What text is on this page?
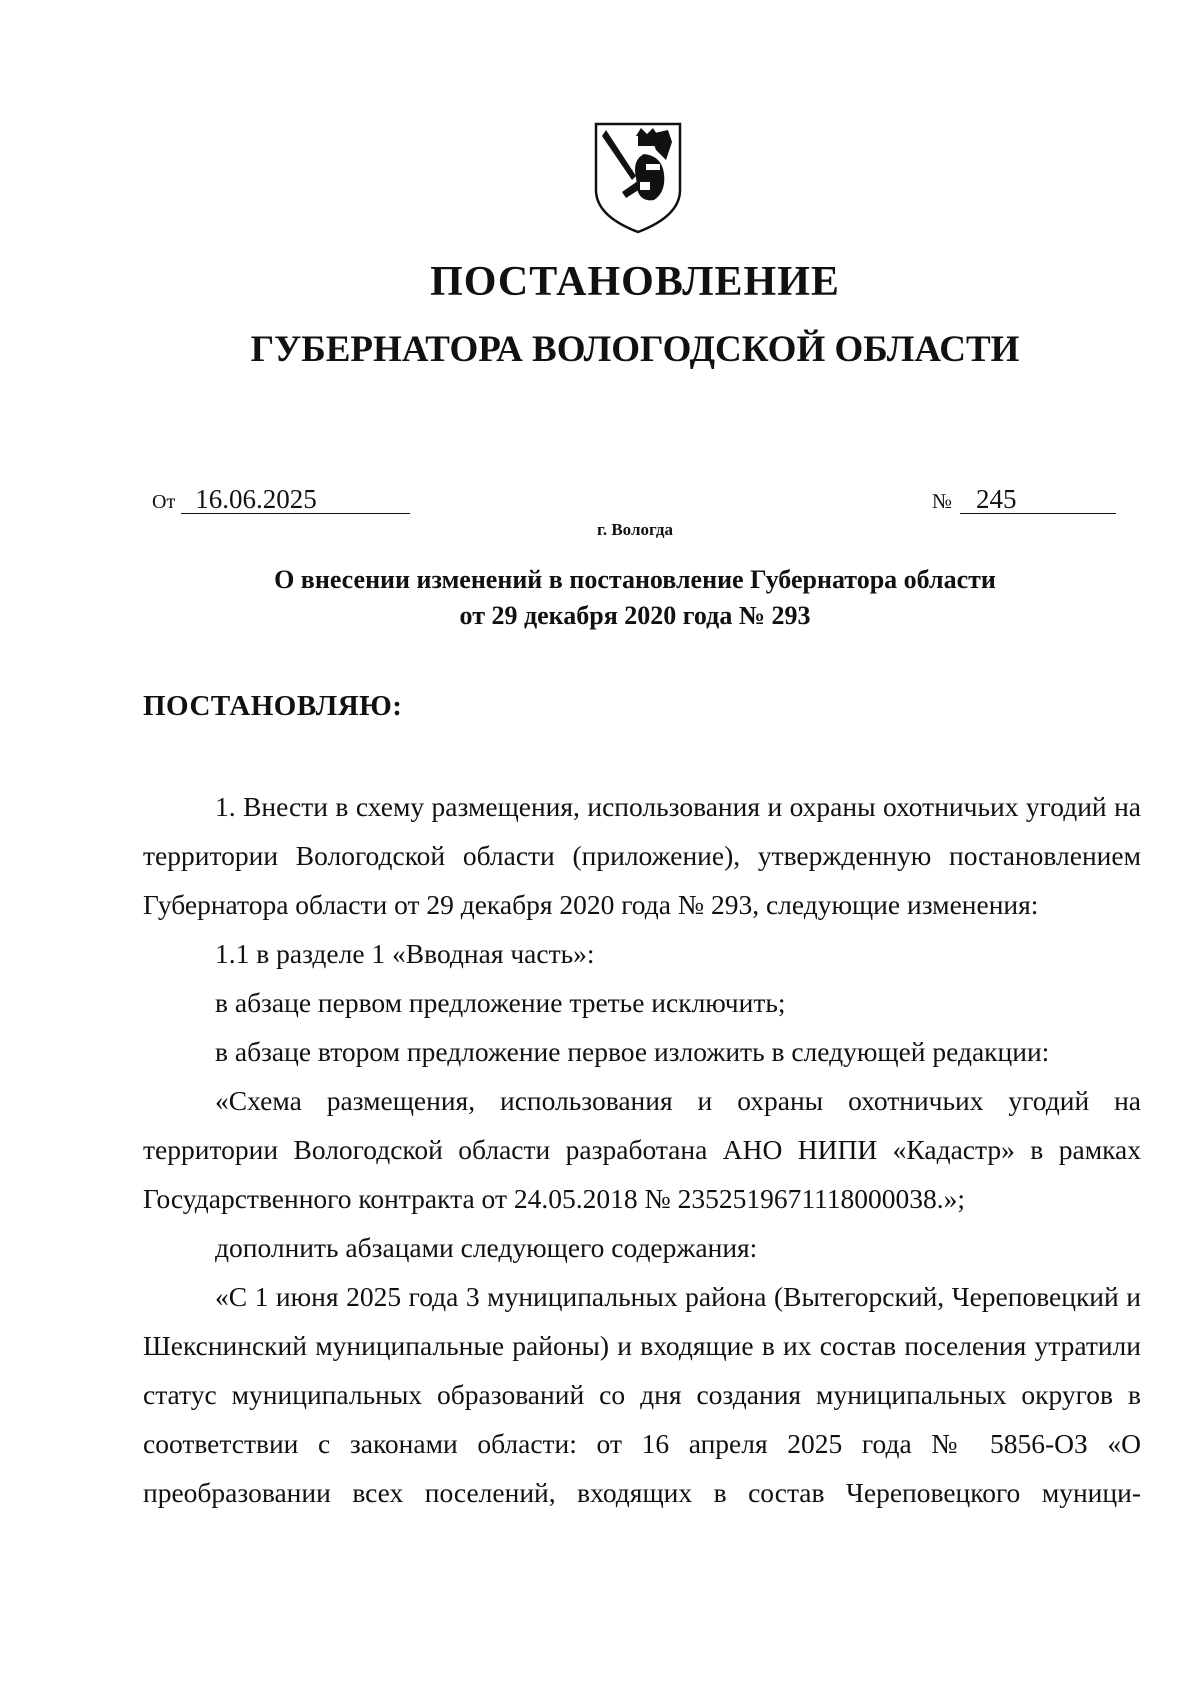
ПОСТАНОВЛЕНИЕ
ГУБЕРНАТОРА ВОЛОГОДСКОЙ ОБЛАСТИ
От 16.06.2025	№ 245
г. Вологда
О внесении изменений в постановление Губернатора области
от 29 декабря 2020 года № 293
ПОСТАНОВЛЯЮ:

1. Внести в схему размещения, использования и охраны охотничьих угодий на территории Вологодской области (приложение), утвержденную постановлением Губернатора области от 29 декабря 2020 года № 293, следующие изменения:

1.1 в разделе 1 «Вводная часть»:

в абзаце первом предложение третье исключить;

в абзаце втором предложение первое изложить в следующей редакции:

«Схема размещения, использования и охраны охотничьих угодий на территории Вологодской области разработана АНО НИПИ «Кадастр» в рамках Государственного контракта от 24.05.2018 № 2352519671118000038.»;

дополнить абзацами следующего содержания:

«С 1 июня 2025 года 3 муниципальных района (Вытегорский, Череповецкий и Шекснинский муниципальные районы) и входящие в их состав поселения утратили статус муниципальных образований со дня создания муниципальных округов в соответствии с законами области: от 16 апреля 2025 года № 5856-ОЗ «О преобразовании всех поселений, входящих в состав Череповецкого муници-
